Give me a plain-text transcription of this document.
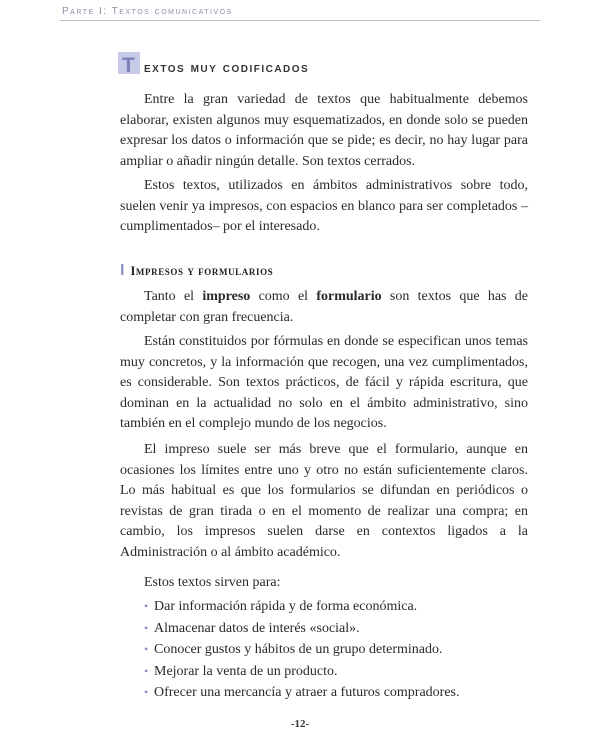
Parte I: Textos comunicativos
T extos muy codificados

Entre la gran variedad de textos que habitualmente debemos elaborar, existen algunos muy esquematizados, en donde solo se pueden expresar los datos o información que se pide; es decir, no hay lugar para ampliar o añadir ningún detalle. Son textos cerrados.

Estos textos, utilizados en ámbitos administrativos sobre todo, suelen venir ya impresos, con espacios en blanco para ser completados –cumplimentados– por el interesado.

I Impresos y formularios

Tanto el impreso como el formulario son textos que has de completar con gran frecuencia.

Están constituidos por fórmulas en donde se especifican unos temas muy concretos, y la información que recogen, una vez cumplimentados, es considerable. Son textos prácticos, de fácil y rápida escritura, que dominan en la actualidad no solo en el ámbito administrativo, sino también en el complejo mundo de los negocios.

El impreso suele ser más breve que el formulario, aunque en ocasiones los límites entre uno y otro no están suficientemente claros. Lo más habitual es que los formularios se difundan en periódicos o revistas de gran tirada o en el momento de realizar una compra; en cambio, los impresos suelen darse en contextos ligados a la Administración o al ámbito académico.

Estos textos sirven para:
• Dar información rápida y de forma económica.
• Almacenar datos de interés «social».
• Conocer gustos y hábitos de un grupo determinado.
• Mejorar la venta de un producto.
• Ofrecer una mercancía y atraer a futuros compradores.
-12-
